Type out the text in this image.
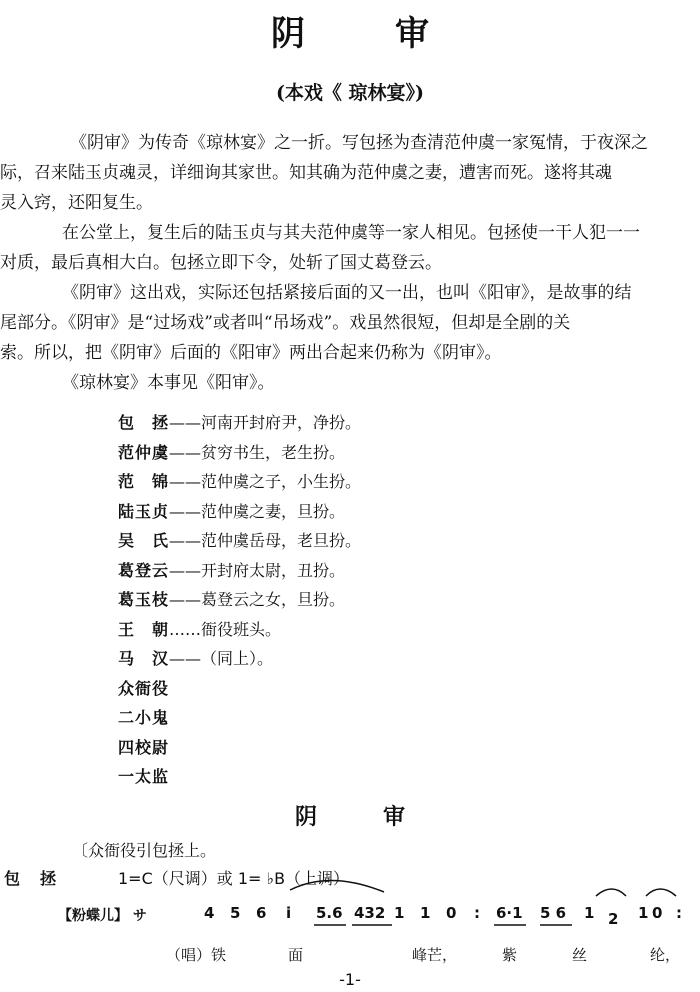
阴　审
(本戏《 琼林宴》)

《阴审》为传奇《琼林宴》之一折。写包拯为查清范仲虞一家冤情，于夜深之
际，召来陆玉贞魂灵，详细询其家世。知其确为范仲虞之妻，遭害而死。遂将其魂
灵入窍，还阳复生。
在公堂上，复生后的陆玉贞与其夫范仲虞等一家人相见。包拯使一干人犯一一
对质，最后真相大白。包拯立即下令，处斩了国丈葛登云。
《阴审》这出戏，实际还包括紧接后面的又一出，也叫《阳审》，是故事的结
尾部分。《阴审》是“过场戏”或者叫“吊场戏”。戏虽然很短，但却是全剧的关
索。所以，把《阴审》后面的《阳审》两出合起来仍称为《阴审》。
《琼林宴》本事见《阳审》。

包　拯——河南开封府尹，净扮。
范仲虞——贫穷书生，老生扮。
范　锦——范仲虞之子，小生扮。
陆玉贞——范仲虞之妻，旦扮。
吴　氏——范仲虞岳母，老旦扮。
葛登云——开封府太尉，丑扮。
葛玉枝——葛登云之女，旦扮。
王　朝……衙役班头。
马　汉——（同上）。
众衙役
二小鬼
四校尉
一太监
阴　审
〔众衙役引包拯上。
包拯	1=C（尺调）或 1= ♭B（上调）
【粉蝶儿】 サ	4 5 6 i 5.6 432 1 1 0 : 6·1 5 6 1 2 1 0 :
（唱）铁	面	峰芒，	紫	丝	纶，
-1-
